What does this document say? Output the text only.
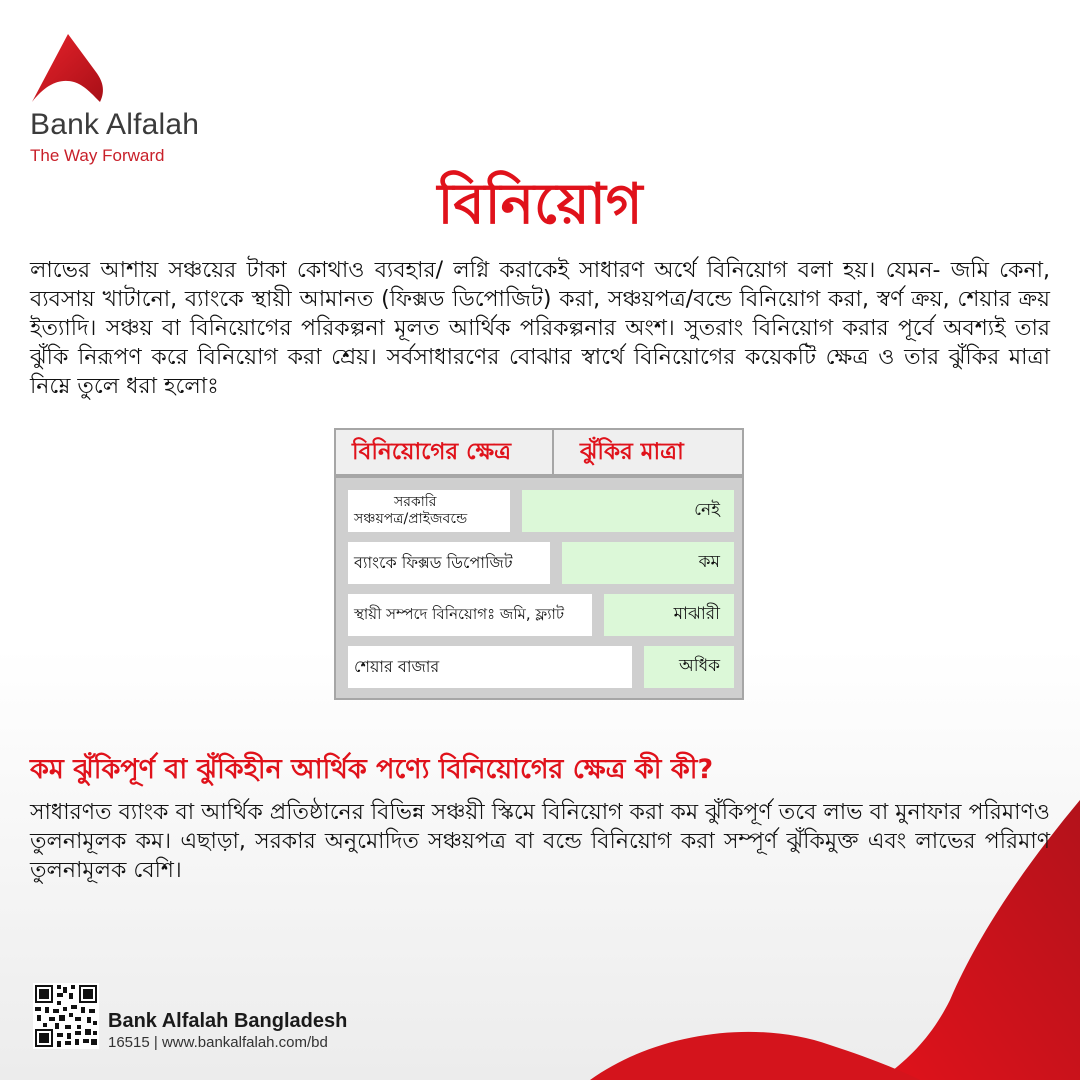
Bank Alfalah
The Way Forward
বিনিয়োগ

লাভের আশায় সঞ্চয়ের টাকা কোথাও ব্যবহার/ লগ্নি করাকেই সাধারণ অর্থে বিনিয়োগ বলা হয়। যেমন- জমি কেনা, ব্যবসায় খাটানো, ব্যাংকে স্থায়ী আমানত (ফিক্সড ডিপোজিট) করা, সঞ্চয়পত্র/বন্ডে বিনিয়োগ করা, স্বর্ণ ক্রয়, শেয়ার ক্রয় ইত্যাদি। সঞ্চয় বা বিনিয়োগের পরিকল্পনা মূলত আর্থিক পরিকল্পনার অংশ। সুতরাং বিনিয়োগ করার পূর্বে অবশ্যই তার ঝুঁকি নিরূপণ করে বিনিয়োগ করা শ্রেয়। সর্বসাধারণের বোঝার স্বার্থে বিনিয়োগের কয়েকটি ক্ষেত্র ও তার ঝুঁকির মাত্রা নিম্নে তুলে ধরা হলোঃ

বিনিয়োগের ক্ষেত্র	ঝুঁকির মাত্রা
সরকারি
সঞ্চয়পত্র/প্রাইজবন্ডে	নেই
ব্যাংকে ফিক্সড ডিপোজিট	কম
স্থায়ী সম্পদে বিনিয়োগঃ জমি, ফ্ল্যাট	মাঝারী
শেয়ার বাজার	অধিক
কম ঝুঁকিপূর্ণ বা ঝুঁকিহীন আর্থিক পণ্যে বিনিয়োগের ক্ষেত্র কী কী?

সাধারণত ব্যাংক বা আর্থিক প্রতিষ্ঠানের বিভিন্ন সঞ্চয়ী স্কিমে বিনিয়োগ করা কম ঝুঁকিপূর্ণ তবে লাভ বা মুনাফার পরিমাণও তুলনামূলক কম। এছাড়া, সরকার অনুমোদিত সঞ্চয়পত্র বা বন্ডে বিনিয়োগ করা সম্পূর্ণ ঝুঁকিমুক্ত এবং লাভের পরিমাণ তুলনামূলক বেশি।

Bank Alfalah Bangladesh
16515 | www.bankalfalah.com/bd
